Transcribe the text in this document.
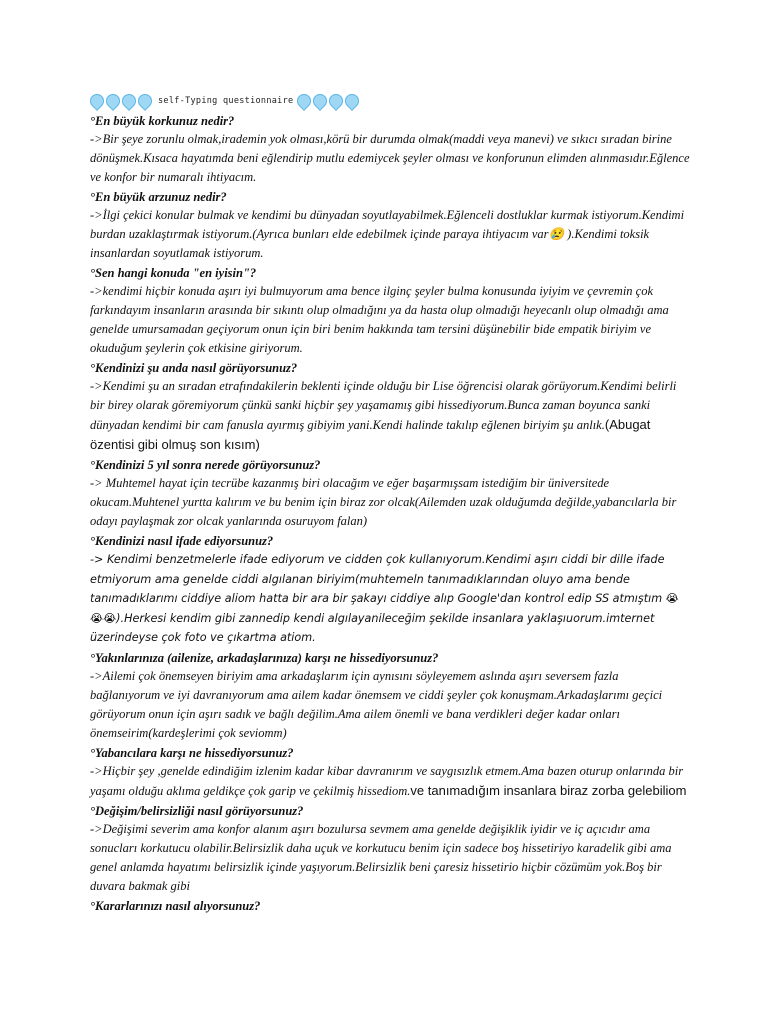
self-Typing questionnaire

°En büyük korkunuz nedir?

->Bir şeye zorunlu olmak,irademin yok olması,körü bir durumda olmak(maddi veya manevi) ve sıkıcı sıradan birine dönüşmek.Kısaca hayatımda beni eğlendirip mutlu edemiycek şeyler olması ve konforunun elimden alınmasıdır.Eğlence ve konfor bir numaralı ihtiyacım.

°En büyük arzunuz nedir?

->İlgi çekici konular bulmak ve kendimi bu dünyadan soyutlayabilmek.Eğlenceli dostluklar kurmak istiyorum.Kendimi burdan uzaklaştırmak istiyorum.(Ayrıca bunları elde edebilmek içinde paraya ihtiyacım var😢 ).Kendimi toksik insanlardan soyutlamak istiyorum.

°Sen hangi konuda "en iyisin"?

->kendimi hiçbir konuda aşırı iyi bulmuyorum ama bence ilginç şeyler bulma konusunda iyiyim ve çevremin çok farkındayım insanların arasında bir sıkıntı olup olmadığını ya da hasta olup olmadığı heyecanlı olup olmadığı ama genelde umursamadan geçiyorum onun için biri benim hakkında tam tersini düşünebilir bide empatik biriyim ve okuduğum şeylerin çok etkisine giriyorum.

°Kendinizi şu anda nasıl görüyorsunuz?

->Kendimi şu an sıradan etrafındakilerin beklenti içinde olduğu bir Lise öğrencisi olarak görüyorum.Kendimi belirli bir birey olarak göremiyorum çünkü sanki hiçbir şey yaşamamış gibi hissediyorum.Bunca zaman boyunca sanki dünyadan kendimi bir cam fanusla ayırmış gibiyim yani.Kendi halinde takılıp eğlenen biriyim şu anlık.(Abugat özentisi gibi olmuş son kısım)

°Kendinizi 5 yıl sonra nerede görüyorsunuz?

-> Muhtemel hayat için tecrübe kazanmış biri olacağım ve eğer başarmışsam istediğim bir üniversitede okucam.Muhtenel yurtta kalırım ve bu benim için biraz zor olcak(Ailemden uzak olduğumda değilde,yabancılarla bir odayı paylaşmak zor olcak yanlarında osuruyom falan)

°Kendinizi nasıl ifade ediyorsunuz?

-> Kendimi benzetmelerle ifade ediyorum ve cidden çok kullanıyorum.Kendimi aşırı ciddi bir dille ifade etmiyorum ama genelde ciddi algılanan biriyim(muhtemeln tanımadıklarından oluyo ama bende tanımadıklarımı ciddiye aliom hatta bir ara bir şakayı ciddiye alıp Google'dan kontrol edip SS atmıştım 😭😭😭).Herkesi kendim gibi zannedip kendi algılayanileceğim şekilde insanlara yaklaşıuorum.imternet üzerindeyse çok foto ve çıkartma atiom.

°Yakınlarınıza (ailenize, arkadaşlarınıza) karşı ne hissediyorsunuz?

->Ailemi çok önemseyen biriyim ama arkadaşlarım için aynısını söyleyemem aslında aşırı seversem fazla bağlanıyorum ve iyi davranıyorum ama ailem kadar önemsem ve ciddi şeyler çok konuşmam.Arkadaşlarımı geçici görüyorum onun için aşırı sadık ve bağlı değilim.Ama ailem önemli ve bana verdikleri değer kadar onları önemseirim(kardeşlerimi çok seviomm)

°Yabancılara karşı ne hissediyorsunuz?

->Hiçbir şey ,genelde edindiğim izlenim kadar kibar davranırım ve saygısızlık etmem.Ama bazen oturup onlarında bir yaşamı olduğu aklıma geldikçe çok garip ve çekilmiş hissediom.ve tanımadığım insanlara biraz zorba gelebiliom

°Değişim/belirsizliği nasıl görüyorsunuz?

->Değişimi severim ama konfor alanım aşırı bozulursa sevmem ama genelde değişiklik iyidir ve iç açıcıdır ama sonucları korkutucu olabilir.Belirsizlik daha uçuk ve korkutucu benim için sadece boş hissetiriyo karadelik gibi ama genel anlamda hayatımı belirsizlik içinde yaşıyorum.Belirsizlik beni çaresiz hissetirio hiçbir cözümüm yok.Boş bir duvara bakmak gibi

°Kararlarınızı nasıl alıyorsunuz?
